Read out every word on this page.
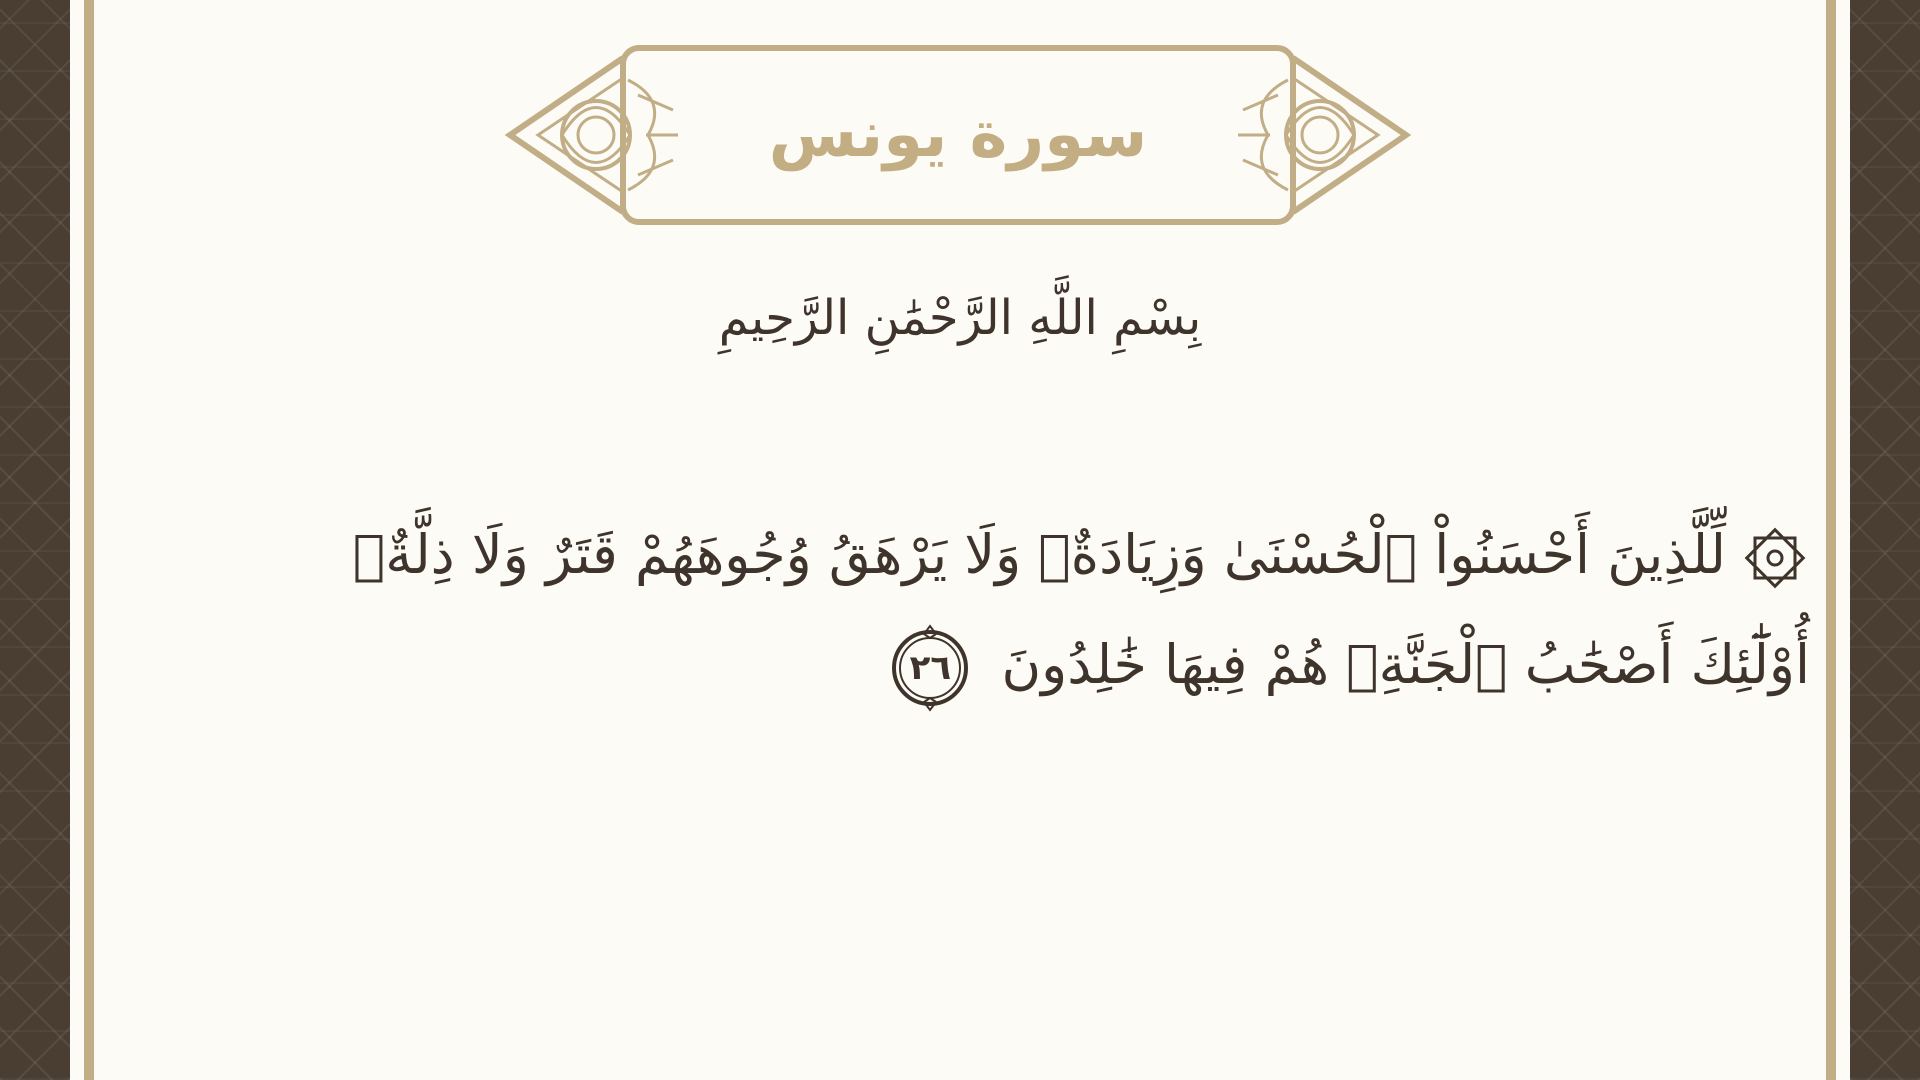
سورة يونس
بِسْمِ اللَّهِ الرَّحْمَٰنِ الرَّحِيمِ
لِّلَّذِينَ أَحْسَنُواْ ٱلْحُسْنَىٰ وَزِيَادَةٌۖ وَلَا يَرْهَقُ وُجُوهَهُمْ قَتَرٌ وَلَا ذِلَّةٌۚ
أُوْلَٰٓئِكَ أَصْحَٰبُ ٱلْجَنَّةِۖ هُمْ فِيهَا خَٰلِدُونَ
٢٦
